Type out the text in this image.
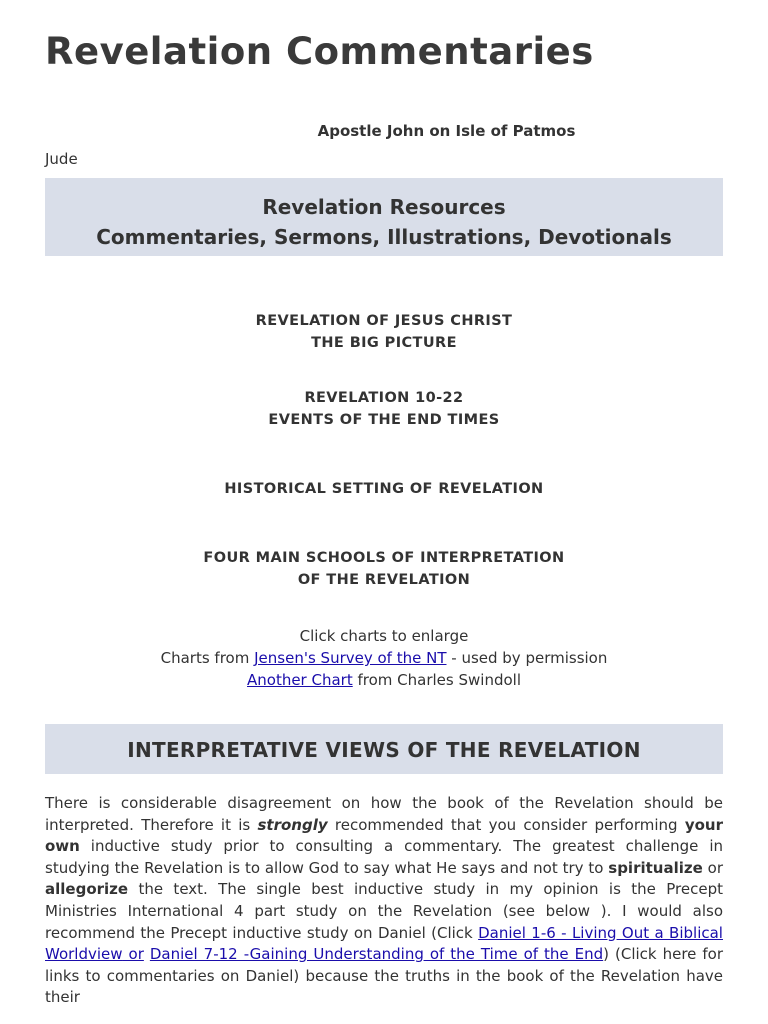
Revelation Commentaries

Apostle John on Isle of Patmos

Jude
Revelation Resources
Commentaries, Sermons, Illustrations, Devotionals
REVELATION OF JESUS CHRIST
THE BIG PICTURE
REVELATION 10-22
EVENTS OF THE END TIMES
HISTORICAL SETTING OF REVELATION
FOUR MAIN SCHOOLS OF INTERPRETATION
OF THE REVELATION
Click charts to enlarge
Charts from Jensen's Survey of the NT - used by permission
Another Chart from Charles Swindoll
INTERPRETATIVE VIEWS OF THE REVELATION

There is considerable disagreement on how the book of the Revelation should be interpreted. Therefore it is strongly recommended that you consider performing your own inductive study prior to consulting a commentary. The greatest challenge in studying the Revelation is to allow God to say what He says and not try to spiritualize or allegorize the text. The single best inductive study in my opinion is the Precept Ministries International 4 part study on the Revelation (see below ). I would also recommend the Precept inductive study on Daniel (Click Daniel 1-6 - Living Out a Biblical Worldview or Daniel 7-12 -Gaining Understanding of the Time of the End) (Click here for links to commentaries on Daniel) because the truths in the book of the Revelation have their
